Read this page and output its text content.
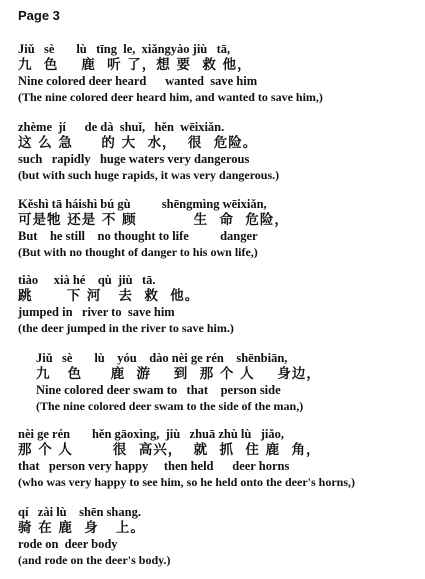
Page 3
Jiǔ   sè       lù   tīng  le,  xiǎngyào jiù   tā,
九  色    鹿  听 了，想 要  救 他，
Nine colored deer heard      wanted  save him
(The nine colored deer heard him, and wanted to save him,)
zhème  jí      de dà  shuǐ,   hěn  wēixiǎn.
这 么 急     的 大  水，  很  危险。
such   rapidly   huge waters very dangerous
(but with such huge rapids, it was very dangerous.)
Kěshì tā háishì bú gù          shēngmìng wēixiǎn,
可是牠 还是 不 顾          生  命  危险，
But    he still    no thought to life          danger
(But with no thought of danger to his own life,)
tiào     xià hé    qù  jiù   tā.
跳      下 河   去  救  他。
jumped in   river to  save him
(the deer jumped in the river to save him.)
Jiǔ   sè       lù    yóu    dào nèi ge rén    shēnbiān,
九   色     鹿  游    到  那 个 人    身边，
Nine colored deer swam to   that    person side
(The nine colored deer swam to the side of the man,)
nèi ge rén       hěn gāoxìng,  jiù   zhuā zhù lù   jiǎo,
那 个 人       很  高兴，  就  抓  住 鹿  角，
that   person very happy     then held      deer horns
(who was very happy to see him, so he held onto the deer's horns,)
qí   zài lù    shēn shang.
骑 在 鹿  身   上。
rode on  deer body
(and rode on the deer's body.)
